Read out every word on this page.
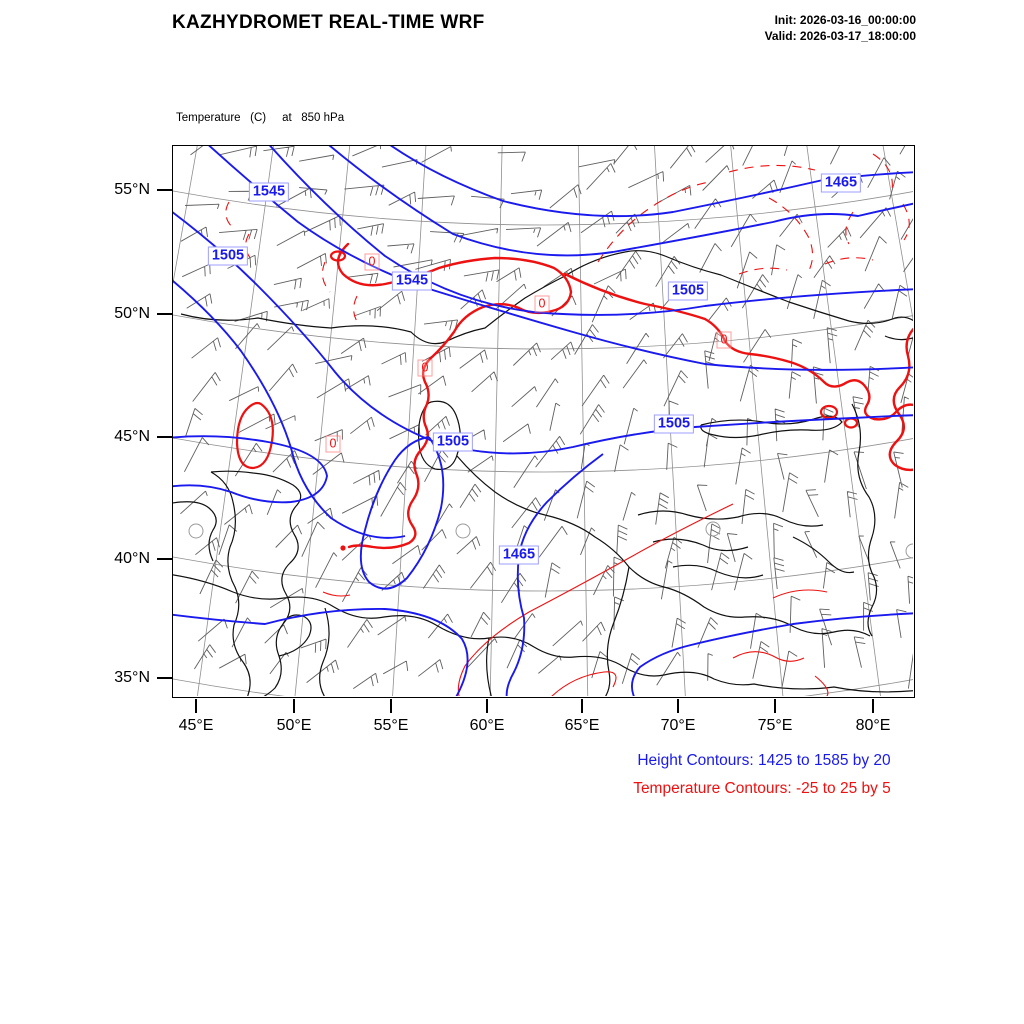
KAZHYDROMET REAL-TIME WRF	Init: 2026-03-16_00:00:00
Valid: 2026-03-17_18:00:00

Temperature   (C)     at   850 hPa

55°N
50°N
45°N
40°N
35°N
45°E	50°E	55°E	60°E	65°E	70°E	75°E	80°E
1545
1505
1545
1465
1505
1505
1505
1465
0
0
0
0
0
Height Contours: 1425 to 1585 by 20
Temperature Contours: -25 to 25 by 5
